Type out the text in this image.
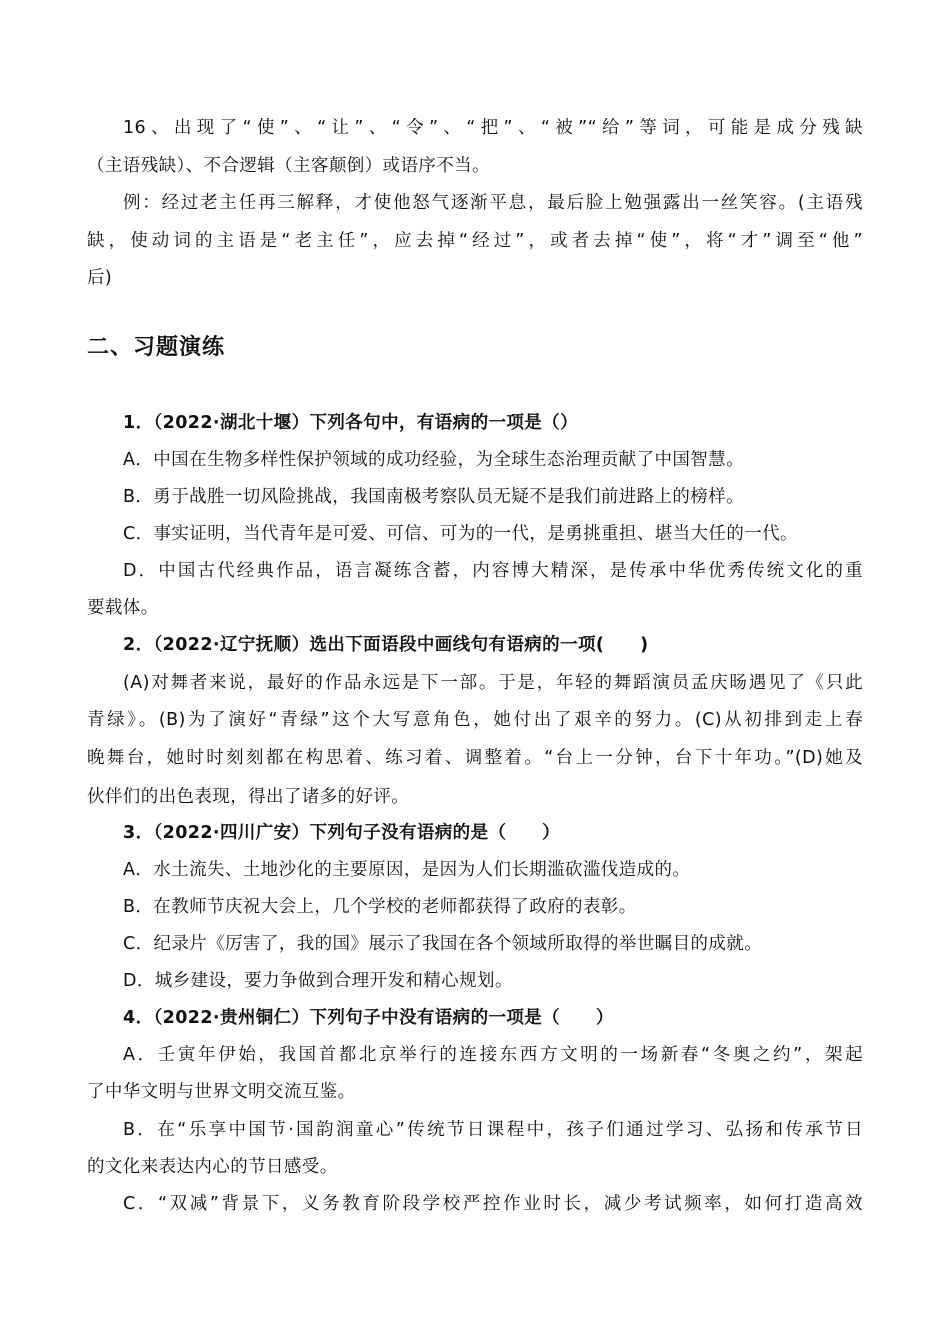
16、出现了“使”、“让”、“令”、“把”、“被”“给”等词，可能是成分残缺
（主语残缺）、不合逻辑（主客颠倒）或语序不当。
例：经过老主任再三解释，才使他怒气逐渐平息，最后脸上勉强露出一丝笑容。(主语残
缺，使动词的主语是“老主任”，应去掉“经过”，或者去掉“使”，将“才”调至“他”
后)
二、习题演练
1．（2022·湖北十堰）下列各句中，有语病的一项是（）
A．中国在生物多样性保护领域的成功经验，为全球生态治理贡献了中国智慧。
B．勇于战胜一切风险挑战，我国南极考察队员无疑不是我们前进路上的榜样。
C．事实证明，当代青年是可爱、可信、可为的一代，是勇挑重担、堪当大任的一代。
D．中国古代经典作品，语言凝练含蓄，内容博大精深，是传承中华优秀传统文化的重
要载体。
2．（2022·辽宁抚顺）选出下面语段中画线句有语病的一项(　　)
(A)对舞者来说，最好的作品永远是下一部。于是，年轻的舞蹈演员孟庆旸遇见了《只此
青绿》。(B)为了演好“青绿”这个大写意角色，她付出了艰辛的努力。(C)从初排到走上春
晚舞台，她时时刻刻都在构思着、练习着、调整着。“台上一分钟，台下十年功。”(D)她及
伙伴们的出色表现，得出了诸多的好评。
3．（2022·四川广安）下列句子没有语病的是（　　）
A．水土流失、土地沙化的主要原因，是因为人们长期滥砍滥伐造成的。
B．在教师节庆祝大会上，几个学校的老师都获得了政府的表彰。
C．纪录片《厉害了，我的国》展示了我国在各个领域所取得的举世瞩目的成就。
D．城乡建设，要力争做到合理开发和精心规划。
4．（2022·贵州铜仁）下列句子中没有语病的一项是（　　）
A．壬寅年伊始，我国首都北京举行的连接东西方文明的一场新春“冬奥之约”，架起
了中华文明与世界文明交流互鉴。
B．在“乐享中国节·国韵润童心”传统节日课程中，孩子们通过学习、弘扬和传承节日
的文化来表达内心的节日感受。
C．“双减”背景下，义务教育阶段学校严控作业时长，减少考试频率，如何打造高效
